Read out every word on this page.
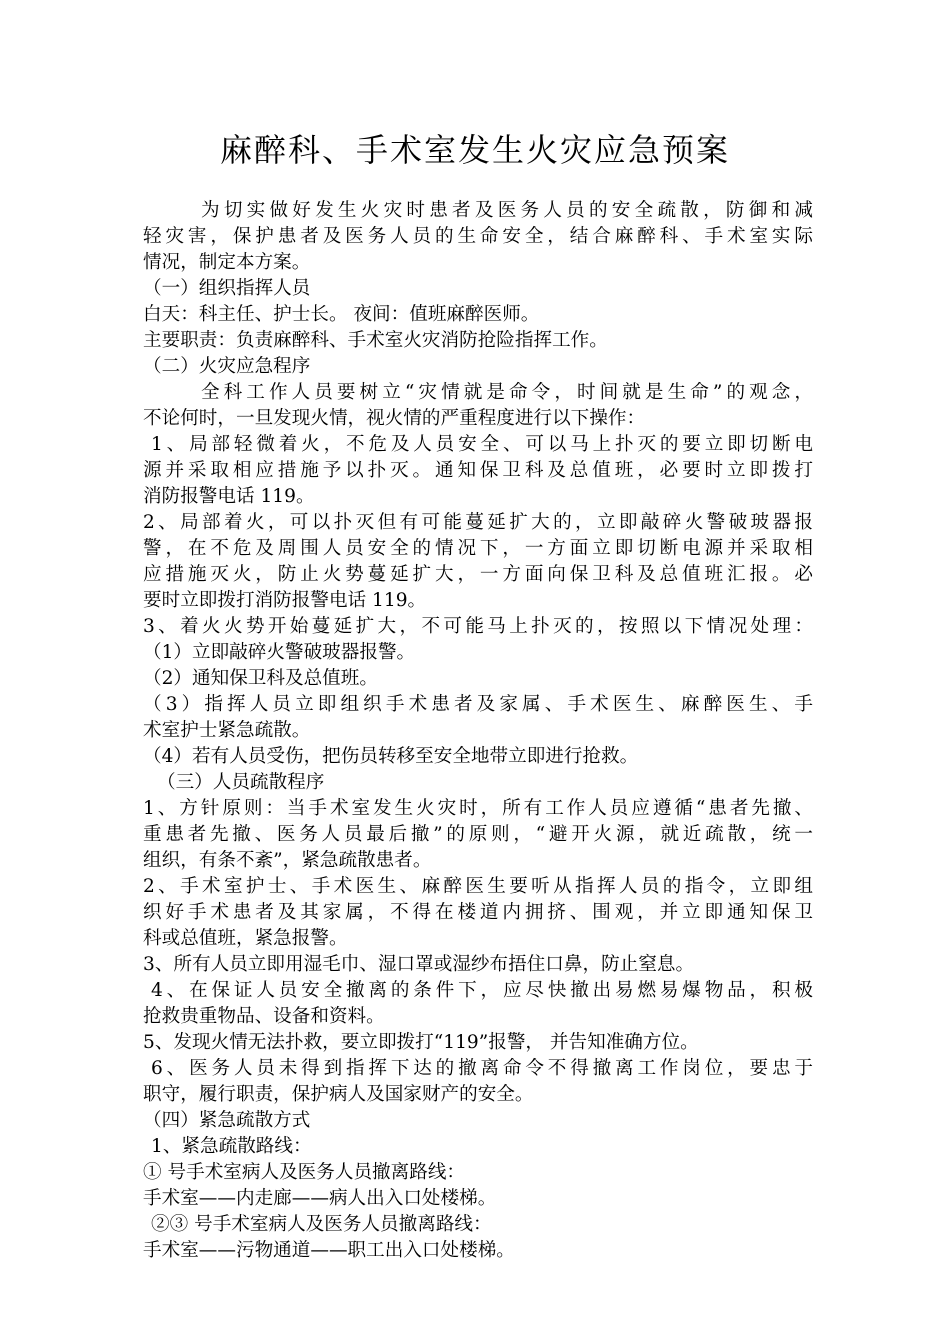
麻醉科、手术室发生火灾应急预案
为切实做好发生火灾时患者及医务人员的安全疏散，防御和减
轻灾害，保护患者及医务人员的生命安全，结合麻醉科、手术室实际
情况，制定本方案。
（一）组织指挥人员
白天：科主任、护士长。 夜间：值班麻醉医师。
主要职责：负责麻醉科、手术室火灾消防抢险指挥工作。
（二）火灾应急程序
全科工作人员要树立“灾情就是命令，时间就是生命”的观念，
不论何时，一旦发现火情，视火情的严重程度进行以下操作：
1、局部轻微着火，不危及人员安全、可以马上扑灭的要立即切断电
源并采取相应措施予以扑灭。通知保卫科及总值班，必要时立即拨打
消防报警电话 119。
2、局部着火，可以扑灭但有可能蔓延扩大的，立即敲碎火警破玻器报
警，在不危及周围人员安全的情况下，一方面立即切断电源并采取相
应措施灭火，防止火势蔓延扩大，一方面向保卫科及总值班汇报。必
要时立即拨打消防报警电话 119。
3、着火火势开始蔓延扩大，不可能马上扑灭的，按照以下情况处理：
（1）立即敲碎火警破玻器报警。
（2）通知保卫科及总值班。
（3）指挥人员立即组织手术患者及家属、手术医生、麻醉医生、手
术室护士紧急疏散。
（4）若有人员受伤，把伤员转移至安全地带立即进行抢救。
（三）人员疏散程序
1、方针原则：当手术室发生火灾时，所有工作人员应遵循“患者先撤、
重患者先撤、医务人员最后撤”的原则，“避开火源，就近疏散，统一
组织，有条不紊”，紧急疏散患者。
2、手术室护士、手术医生、麻醉医生要听从指挥人员的指令，立即组
织好手术患者及其家属，不得在楼道内拥挤、围观，并立即通知保卫
科或总值班，紧急报警。
3、所有人员立即用湿毛巾、湿口罩或湿纱布捂住口鼻，防止窒息。
4、在保证人员安全撤离的条件下，应尽快撤出易燃易爆物品，积极
抢救贵重物品、设备和资料。
5、发现火情无法扑救，要立即拨打“119”报警， 并告知准确方位。
6、医务人员未得到指挥下达的撤离命令不得撤离工作岗位，要忠于
职守，履行职责，保护病人及国家财产的安全。
（四）紧急疏散方式
1、紧急疏散路线：
① 号手术室病人及医务人员撤离路线：
手术室——内走廊——病人出入口处楼梯。
②③ 号手术室病人及医务人员撤离路线：
手术室——污物通道——职工出入口处楼梯。
